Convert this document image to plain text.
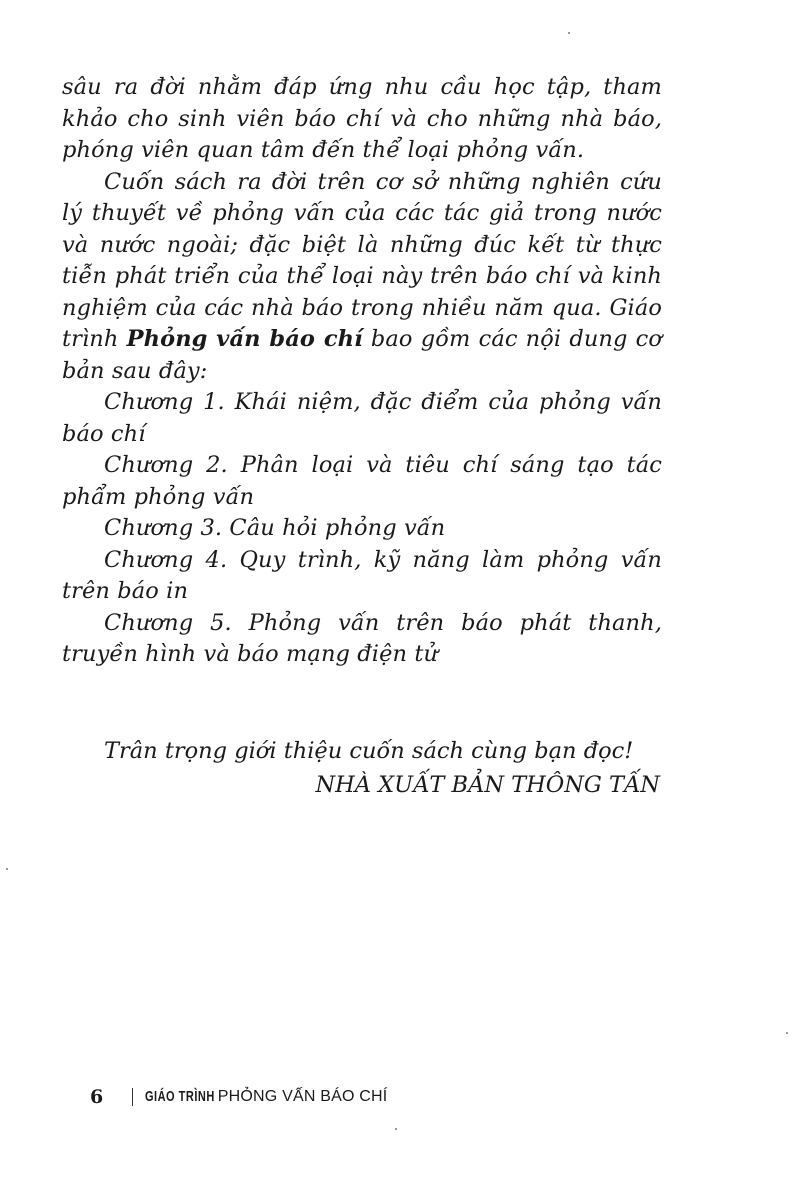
sâu ra đời nhằm đáp ứng nhu cầu học tập, tham khảo cho sinh viên báo chí và cho những nhà báo, phóng viên quan tâm đến thể loại phỏng vấn.

Cuốn sách ra đời trên cơ sở những nghiên cứu lý thuyết về phỏng vấn của các tác giả trong nước và nước ngoài; đặc biệt là những đúc kết từ thực tiễn phát triển của thể loại này trên báo chí và kinh nghiệm của các nhà báo trong nhiều năm qua. Giáo trình Phỏng vấn báo chí bao gồm các nội dung cơ bản sau đây:

Chương 1. Khái niệm, đặc điểm của phỏng vấn báo chí

Chương 2. Phân loại và tiêu chí sáng tạo tác phẩm phỏng vấn

Chương 3. Câu hỏi phỏng vấn

Chương 4. Quy trình, kỹ năng làm phỏng vấn trên báo in

Chương 5. Phỏng vấn trên báo phát thanh, truyền hình và báo mạng điện tử

Trân trọng giới thiệu cuốn sách cùng bạn đọc!

NHÀ XUẤT BẢN THÔNG TẤN

6	GIÁO TRÌNH PHỎNG VẤN BÁO CHÍ
